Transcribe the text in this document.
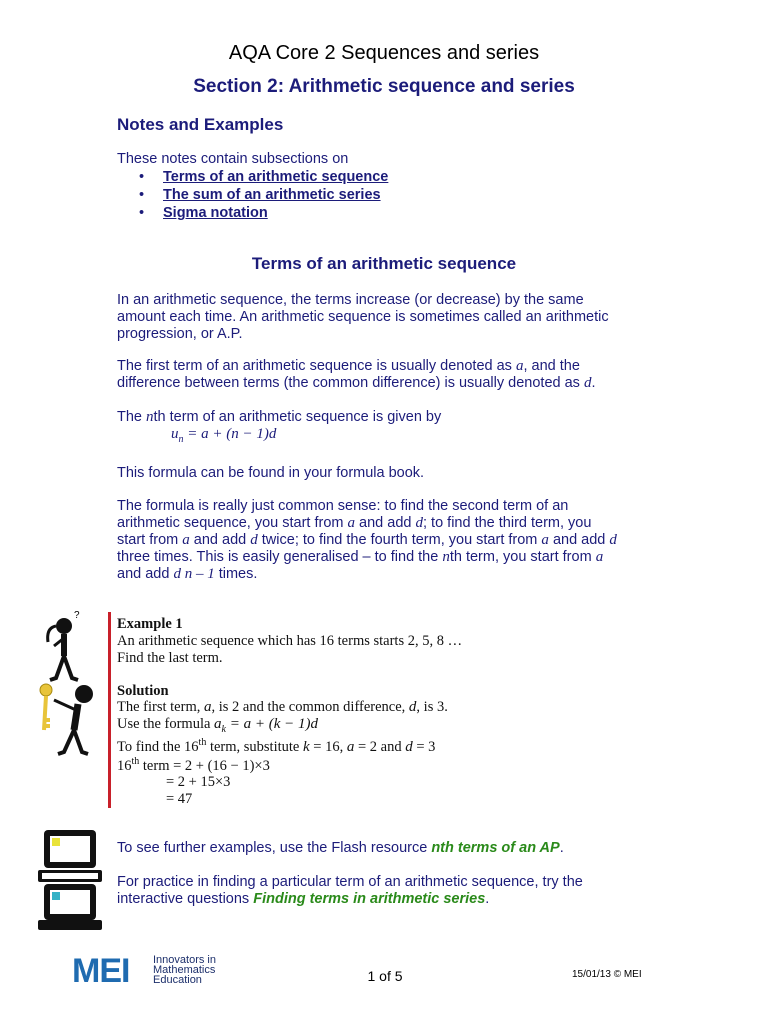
AQA Core 2 Sequences and series
Section 2: Arithmetic sequence and series
Notes and Examples
These notes contain subsections on
• Terms of an arithmetic sequence
• The sum of an arithmetic series
• Sigma notation
Terms of an arithmetic sequence
In an arithmetic sequence, the terms increase (or decrease) by the same
amount each time. An arithmetic sequence is sometimes called an arithmetic
progression, or A.P.
The first term of an arithmetic sequence is usually denoted as a, and the
difference between terms (the common difference) is usually denoted as d.
The nth term of an arithmetic sequence is given by
$u_n = a + (n - 1)d$
This formula can be found in your formula book.
The formula is really just common sense: to find the second term of an
arithmetic sequence, you start from a and add d; to find the third term, you
start from a and add d twice; to find the fourth term, you start from a and add d
three times. This is easily generalised – to find the nth term, you start from a
and add d n – 1 times.
?
Example 1
An arithmetic sequence which has 16 terms starts 2, 5, 8 …
Find the last term.
Solution
The first term, a, is 2 and the common difference, d, is 3.
Use the formula $a_k = a + (k - 1)d$
To find the 16th term, substitute k = 16, a = 2 and d = 3
16th term = 2 + (16 − 1)×3
= 2 + 15×3
= 47
To see further examples, use the Flash resource nth terms of an AP.
For practice in finding a particular term of an arithmetic sequence, try the
interactive questions Finding terms in arithmetic series.
MEI Innovators in
Mathematics
Education	1 of 5	15/01/13 © MEI
